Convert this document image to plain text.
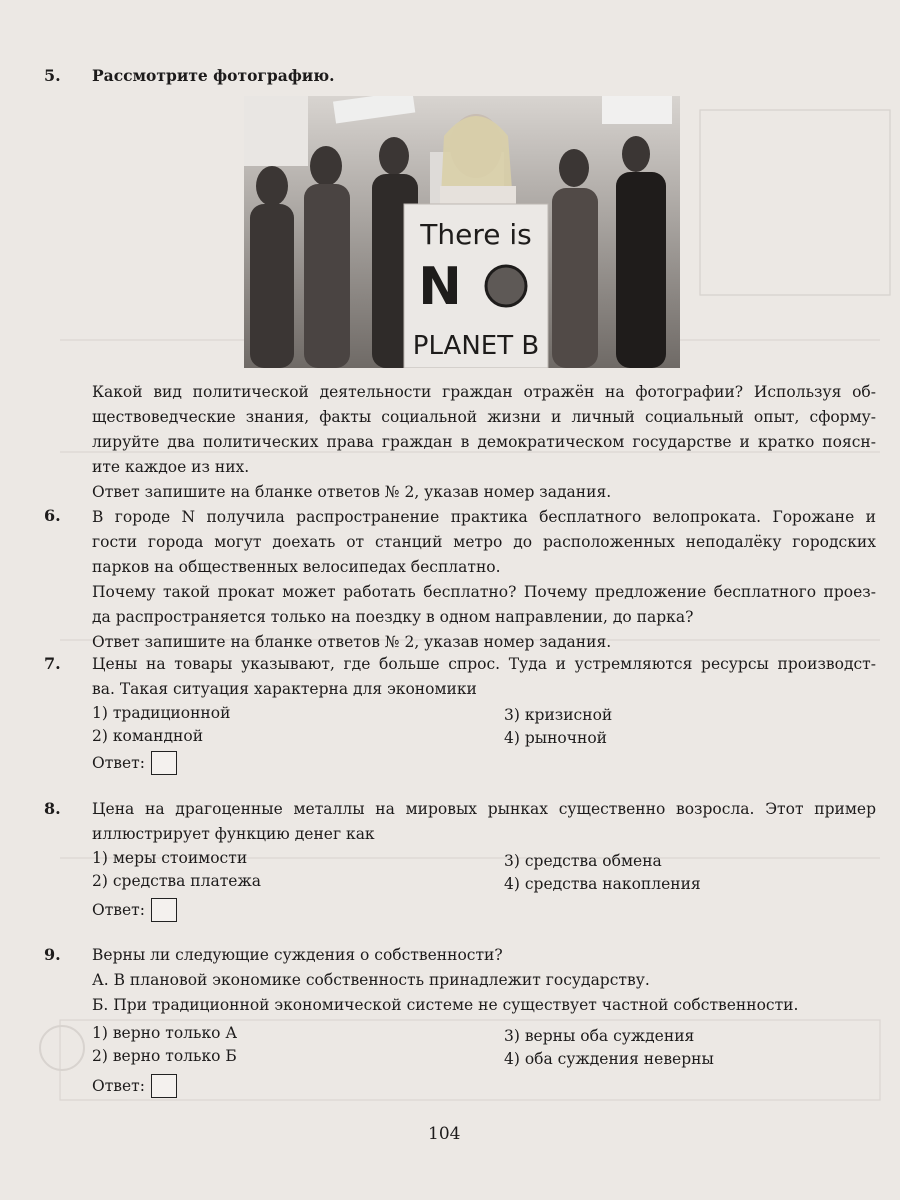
5. Рассмотрите фотографию.
There is
N
PLANET B
Какой вид политической деятельности граждан отражён на фотографии? Используя об-
ществоведческие знания, факты социальной жизни и личный социальный опыт, сформу-
лируйте два политических права граждан в демократическом государстве и кратко поясн-
ите каждое из них.
Ответ запишите на бланке ответов № 2, указав номер задания.
6. В городе N получила распространение практика бесплатного велопроката. Горожане и
гости города могут доехать от станций метро до расположенных неподалёку городских
парков на общественных велосипедах бесплатно.
Почему такой прокат может работать бесплатно? Почему предложение бесплатного проез-
да распространяется только на поездку в одном направлении, до парка?
Ответ запишите на бланке ответов № 2, указав номер задания.
7. Цены на товары указывают, где больше спрос. Туда и устремляются ресурсы производст-
ва. Такая ситуация характерна для экономики
1) традиционной
2) командной
3) кризисной
4) рыночной
Ответ:
8. Цена на драгоценные металлы на мировых рынках существенно возросла. Этот пример
иллюстрирует функцию денег как
1) меры стоимости
2) средства платежа
3) средства обмена
4) средства накопления
Ответ:
9. Верны ли следующие суждения о собственности?
А. В плановой экономике собственность принадлежит государству.
Б. При традиционной экономической системе не существует частной собственности.
1) верно только А
2) верно только Б
3) верны оба суждения
4) оба суждения неверны
Ответ:
104
